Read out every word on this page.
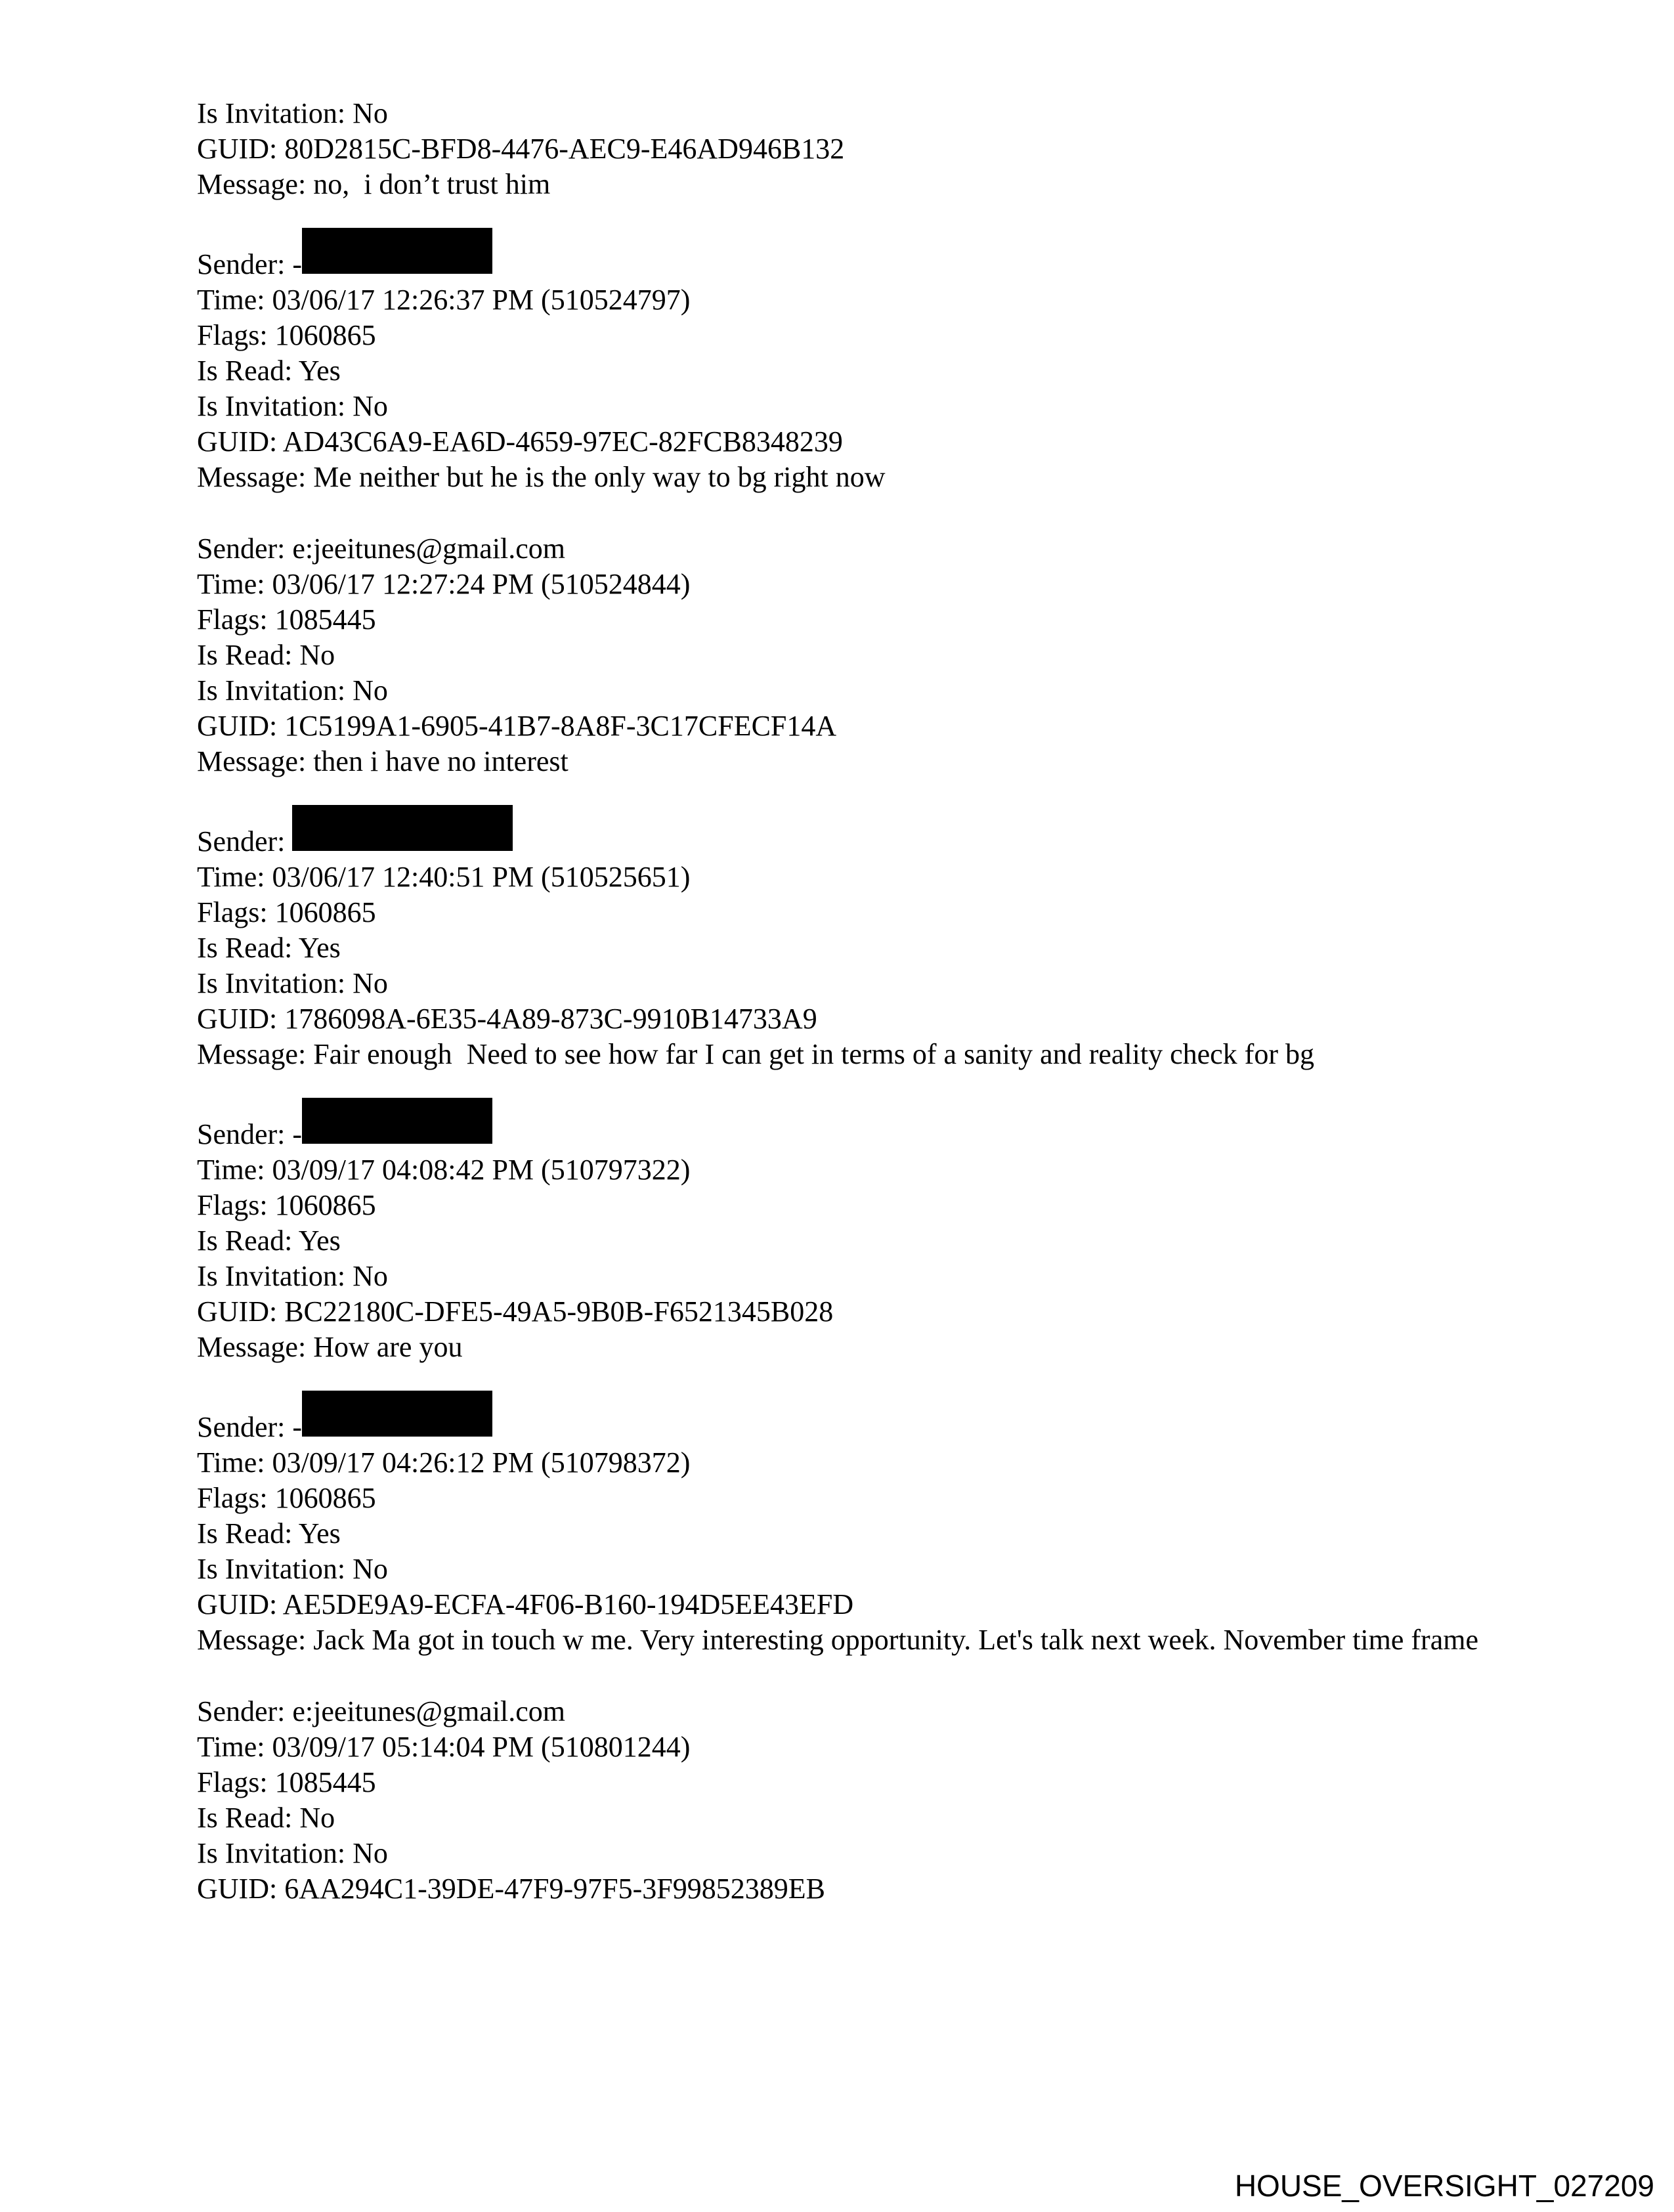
Is Invitation: No
GUID: 80D2815C-BFD8-4476-AEC9-E46AD946B132
Message: no,  i don’t trust him
Sender: -
Time: 03/06/17 12:26:37 PM (510524797)
Flags: 1060865
Is Read: Yes
Is Invitation: No
GUID: AD43C6A9-EA6D-4659-97EC-82FCB8348239
Message: Me neither but he is the only way to bg right now
Sender: e:jeeitunes@gmail.com
Time: 03/06/17 12:27:24 PM (510524844)
Flags: 1085445
Is Read: No
Is Invitation: No
GUID: 1C5199A1-6905-41B7-8A8F-3C17CFECF14A
Message: then i have no interest
Sender:
Time: 03/06/17 12:40:51 PM (510525651)
Flags: 1060865
Is Read: Yes
Is Invitation: No
GUID: 1786098A-6E35-4A89-873C-9910B14733A9
Message: Fair enough  Need to see how far I can get in terms of a sanity and reality check for bg
Sender: -
Time: 03/09/17 04:08:42 PM (510797322)
Flags: 1060865
Is Read: Yes
Is Invitation: No
GUID: BC22180C-DFE5-49A5-9B0B-F6521345B028
Message: How are you
Sender: -
Time: 03/09/17 04:26:12 PM (510798372)
Flags: 1060865
Is Read: Yes
Is Invitation: No
GUID: AE5DE9A9-ECFA-4F06-B160-194D5EE43EFD
Message: Jack Ma got in touch w me. Very interesting opportunity. Let's talk next week. November time frame
Sender: e:jeeitunes@gmail.com
Time: 03/09/17 05:14:04 PM (510801244)
Flags: 1085445
Is Read: No
Is Invitation: No
GUID: 6AA294C1-39DE-47F9-97F5-3F99852389EB
HOUSE_OVERSIGHT_027209
